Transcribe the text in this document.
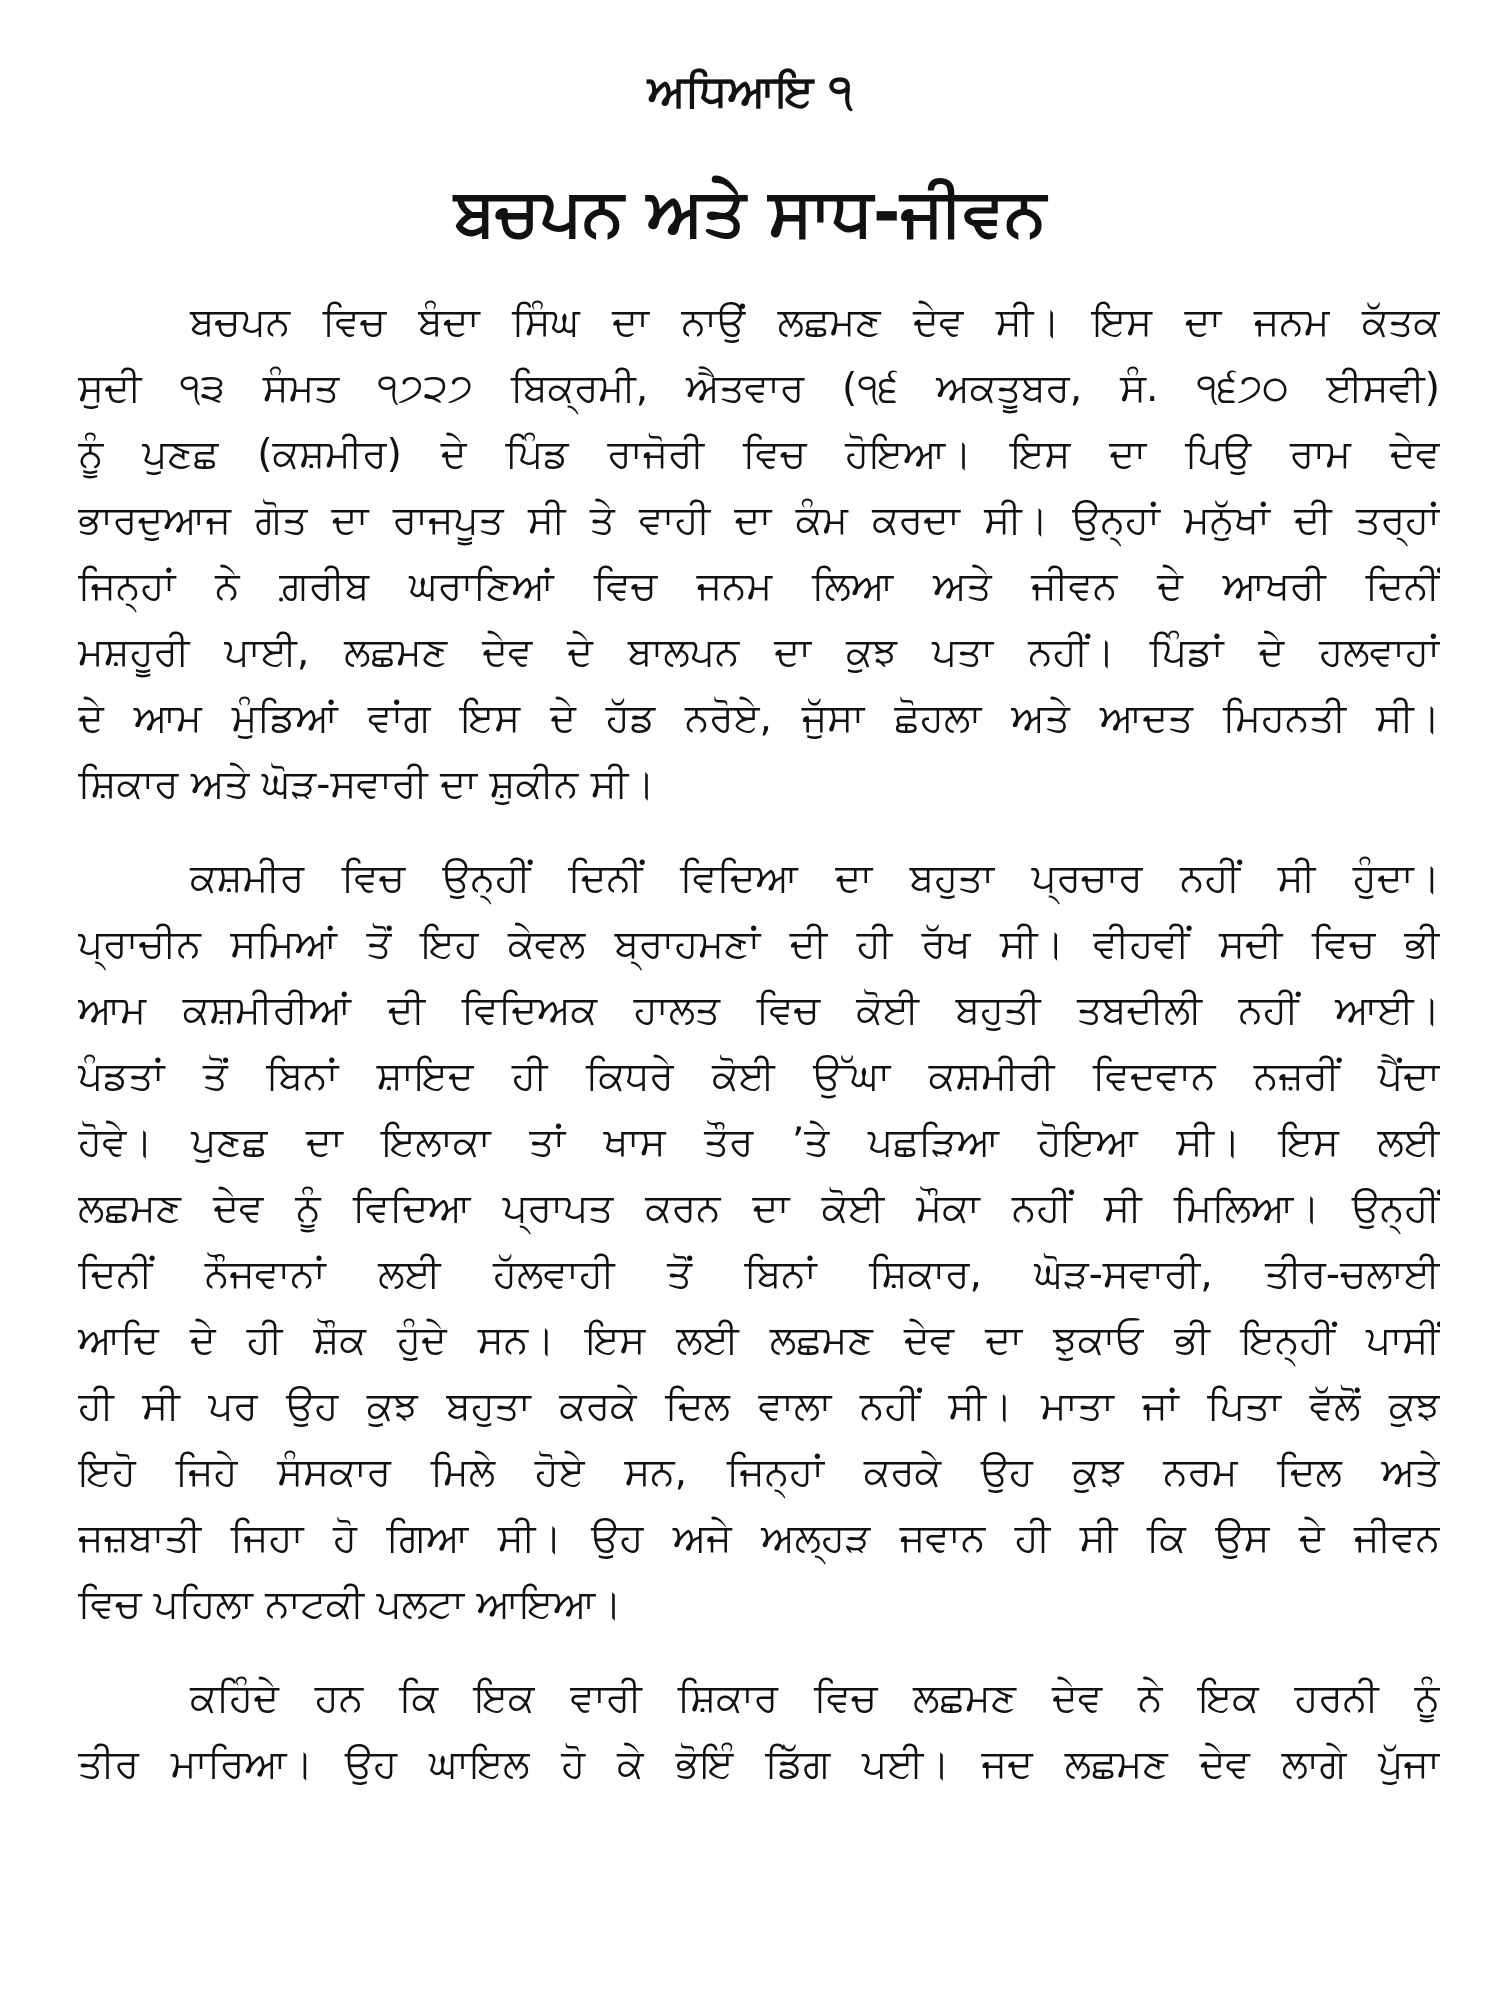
ਅਧਿਆਇ ੧
ਬਚਪਨ ਅਤੇ ਸਾਧ-ਜੀਵਨ

ਬਚਪਨ ਵਿਚ ਬੰਦਾ ਸਿੰਘ ਦਾ ਨਾਉਂ ਲਛਮਣ ਦੇਵ ਸੀ। ਇਸ ਦਾ ਜਨਮ ਕੱਤਕ
ਸੁਦੀ ੧੩ ਸੰਮਤ ੧੭੨੭ ਬਿਕ੍ਰਮੀ, ਐਤਵਾਰ (੧੬ ਅਕਤੂਬਰ, ਸੰ. ੧੬੭੦ ਈਸਵੀ)
ਨੂੰ ਪੁਣਛ (ਕਸ਼ਮੀਰ) ਦੇ ਪਿੰਡ ਰਾਜੋਰੀ ਵਿਚ ਹੋਇਆ। ਇਸ ਦਾ ਪਿਉ ਰਾਮ ਦੇਵ
ਭਾਰਦੁਆਜ ਗੋਤ ਦਾ ਰਾਜਪੂਤ ਸੀ ਤੇ ਵਾਹੀ ਦਾ ਕੰਮ ਕਰਦਾ ਸੀ। ਉਨ੍ਹਾਂ ਮਨੁੱਖਾਂ ਦੀ ਤਰ੍ਹਾਂ
ਜਿਨ੍ਹਾਂ ਨੇ ਗ਼ਰੀਬ ਘਰਾਣਿਆਂ ਵਿਚ ਜਨਮ ਲਿਆ ਅਤੇ ਜੀਵਨ ਦੇ ਆਖਰੀ ਦਿਨੀਂ
ਮਸ਼ਹੂਰੀ ਪਾਈ, ਲਛਮਣ ਦੇਵ ਦੇ ਬਾਲਪਨ ਦਾ ਕੁਝ ਪਤਾ ਨਹੀਂ। ਪਿੰਡਾਂ ਦੇ ਹਲਵਾਹਾਂ
ਦੇ ਆਮ ਮੁੰਡਿਆਂ ਵਾਂਗ ਇਸ ਦੇ ਹੱਡ ਨਰੋਏ, ਜੁੱਸਾ ਛੋਹਲਾ ਅਤੇ ਆਦਤ ਮਿਹਨਤੀ ਸੀ।
ਸ਼ਿਕਾਰ ਅਤੇ ਘੋੜ-ਸਵਾਰੀ ਦਾ ਸ਼ੁਕੀਨ ਸੀ।

ਕਸ਼ਮੀਰ ਵਿਚ ਉਨ੍ਹੀਂ ਦਿਨੀਂ ਵਿਦਿਆ ਦਾ ਬਹੁਤਾ ਪ੍ਰਚਾਰ ਨਹੀਂ ਸੀ ਹੁੰਦਾ।
ਪ੍ਰਾਚੀਨ ਸਮਿਆਂ ਤੋਂ ਇਹ ਕੇਵਲ ਬ੍ਰਾਹਮਣਾਂ ਦੀ ਹੀ ਰੱਖ ਸੀ। ਵੀਹਵੀਂ ਸਦੀ ਵਿਚ ਭੀ
ਆਮ ਕਸ਼ਮੀਰੀਆਂ ਦੀ ਵਿਦਿਅਕ ਹਾਲਤ ਵਿਚ ਕੋਈ ਬਹੁਤੀ ਤਬਦੀਲੀ ਨਹੀਂ ਆਈ।
ਪੰਡਤਾਂ ਤੋਂ ਬਿਨਾਂ ਸ਼ਾਇਦ ਹੀ ਕਿਧਰੇ ਕੋਈ ਉੱਘਾ ਕਸ਼ਮੀਰੀ ਵਿਦਵਾਨ ਨਜ਼ਰੀਂ ਪੈਂਦਾ
ਹੋਵੇ। ਪੁਣਛ ਦਾ ਇਲਾਕਾ ਤਾਂ ਖਾਸ ਤੌਰ ’ਤੇ ਪਛੜਿਆ ਹੋਇਆ ਸੀ। ਇਸ ਲਈ
ਲਛਮਣ ਦੇਵ ਨੂੰ ਵਿਦਿਆ ਪ੍ਰਾਪਤ ਕਰਨ ਦਾ ਕੋਈ ਮੌਕਾ ਨਹੀਂ ਸੀ ਮਿਲਿਆ। ਉਨ੍ਹੀਂ
ਦਿਨੀਂ ਨੌਜਵਾਨਾਂ ਲਈ ਹੱਲਵਾਹੀ ਤੋਂ ਬਿਨਾਂ ਸ਼ਿਕਾਰ, ਘੋੜ-ਸਵਾਰੀ, ਤੀਰ-ਚਲਾਈ
ਆਦਿ ਦੇ ਹੀ ਸ਼ੌਕ ਹੁੰਦੇ ਸਨ। ਇਸ ਲਈ ਲਛਮਣ ਦੇਵ ਦਾ ਝੁਕਾਓ ਭੀ ਇਨ੍ਹੀਂ ਪਾਸੀਂ
ਹੀ ਸੀ ਪਰ ਉਹ ਕੁਝ ਬਹੁਤਾ ਕਰਕੇ ਦਿਲ ਵਾਲਾ ਨਹੀਂ ਸੀ। ਮਾਤਾ ਜਾਂ ਪਿਤਾ ਵੱਲੋਂ ਕੁਝ
ਇਹੋ ਜਿਹੇ ਸੰਸਕਾਰ ਮਿਲੇ ਹੋਏ ਸਨ, ਜਿਨ੍ਹਾਂ ਕਰਕੇ ਉਹ ਕੁਝ ਨਰਮ ਦਿਲ ਅਤੇ
ਜਜ਼ਬਾਤੀ ਜਿਹਾ ਹੋ ਗਿਆ ਸੀ। ਉਹ ਅਜੇ ਅਲ੍ਹੜ ਜਵਾਨ ਹੀ ਸੀ ਕਿ ਉਸ ਦੇ ਜੀਵਨ
ਵਿਚ ਪਹਿਲਾ ਨਾਟਕੀ ਪਲਟਾ ਆਇਆ।

ਕਹਿੰਦੇ ਹਨ ਕਿ ਇਕ ਵਾਰੀ ਸ਼ਿਕਾਰ ਵਿਚ ਲਛਮਣ ਦੇਵ ਨੇ ਇਕ ਹਰਨੀ ਨੂੰ
ਤੀਰ ਮਾਰਿਆ। ਉਹ ਘਾਇਲ ਹੋ ਕੇ ਭੋਇੰ ਡਿੱਗ ਪਈ। ਜਦ ਲਛਮਣ ਦੇਵ ਲਾਗੇ ਪੁੱਜਾ
